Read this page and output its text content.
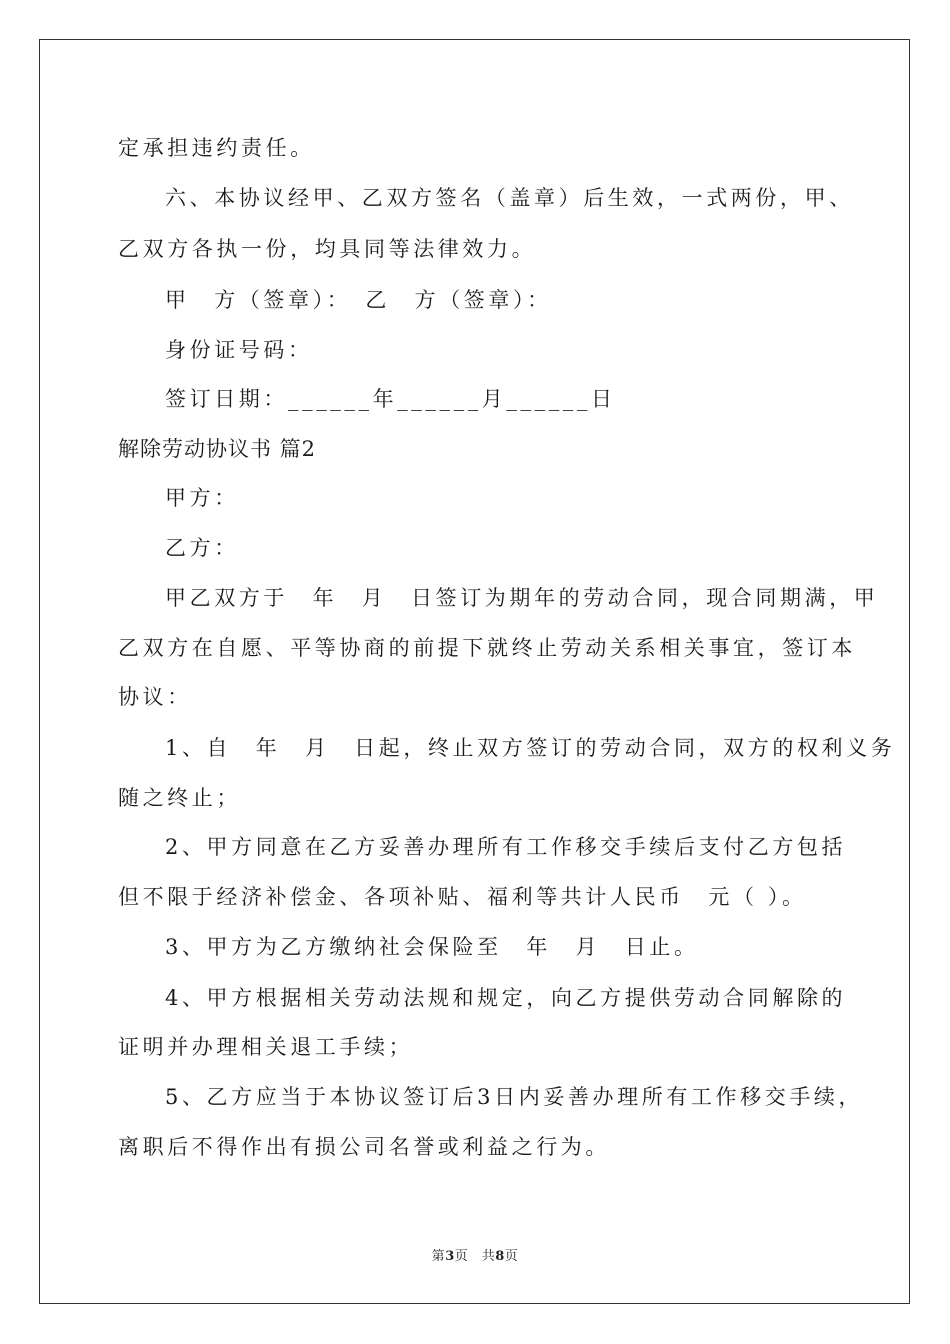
定承担违约责任。
六、本协议经甲、乙双方签名（盖章）后生效，一式两份，甲、
乙双方各执一份，均具同等法律效力。
甲　方（签章）：　乙　方（签章）：
身份证号码：
签订日期：______年______月______日
解除劳动协议书 篇2
甲方：
乙方：
甲乙双方于　年　月　日签订为期年的劳动合同，现合同期满，甲
乙双方在自愿、平等协商的前提下就终止劳动关系相关事宜，签订本
协议：
1、自　年　月　日起，终止双方签订的劳动合同，双方的权利义务
随之终止；
2、甲方同意在乙方妥善办理所有工作移交手续后支付乙方包括
但不限于经济补偿金、各项补贴、福利等共计人民币　元（ ）。
3、甲方为乙方缴纳社会保险至　年　月　日止。
4、甲方根据相关劳动法规和规定，向乙方提供劳动合同解除的
证明并办理相关退工手续；
5、乙方应当于本协议签订后3日内妥善办理所有工作移交手续，
离职后不得作出有损公司名誉或利益之行为。
第3页　共8页
